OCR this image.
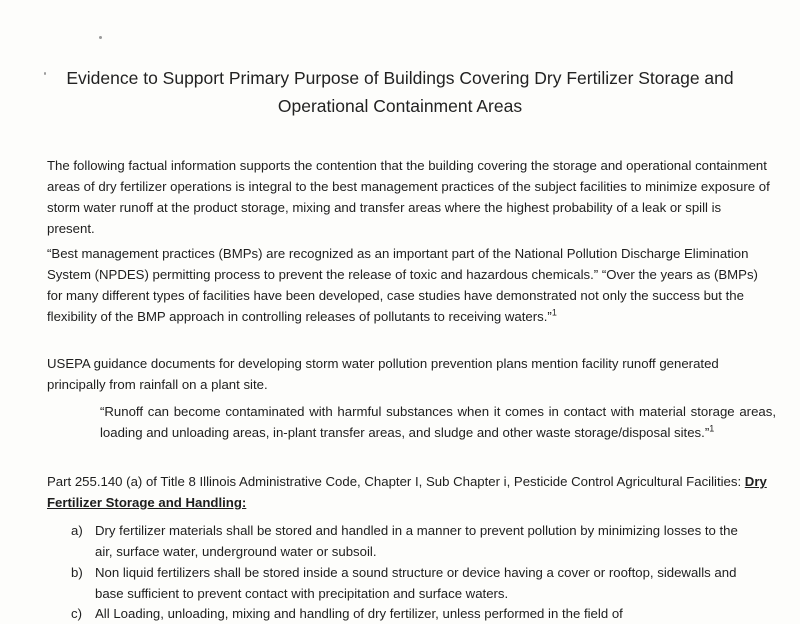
Evidence to Support Primary Purpose of Buildings Covering Dry Fertilizer Storage and Operational Containment Areas
The following factual information supports the contention that the building covering the storage and operational containment areas of dry fertilizer operations is integral to the best management practices of the subject facilities to minimize exposure of storm water runoff at the product storage, mixing and transfer areas where the highest probability of a leak or spill is present.
“Best management practices (BMPs) are recognized as an important part of the National Pollution Discharge Elimination System (NPDES) permitting process to prevent the release of toxic and hazardous chemicals.” “Over the years as (BMPs) for many different types of facilities have been developed, case studies have demonstrated not only the success but the flexibility of the BMP approach in controlling releases of pollutants to receiving waters.”$^1$
USEPA guidance documents for developing storm water pollution prevention plans mention facility runoff generated principally from rainfall on a plant site.
“Runoff can become contaminated with harmful substances when it comes in contact with material storage areas, loading and unloading areas, in-plant transfer areas, and sludge and other waste storage/disposal sites.”$^1$
Part 255.140 (a) of Title 8 Illinois Administrative Code, Chapter I, Sub Chapter i, Pesticide Control Agricultural Facilities: Dry Fertilizer Storage and Handling:
a) Dry fertilizer materials shall be stored and handled in a manner to prevent pollution by minimizing losses to the air, surface water, underground water or subsoil.
b) Non liquid fertilizers shall be stored inside a sound structure or device having a cover or rooftop, sidewalls and base sufficient to prevent contact with precipitation and surface waters.
c) All Loading, unloading, mixing and handling of dry fertilizer, unless performed in the field of
